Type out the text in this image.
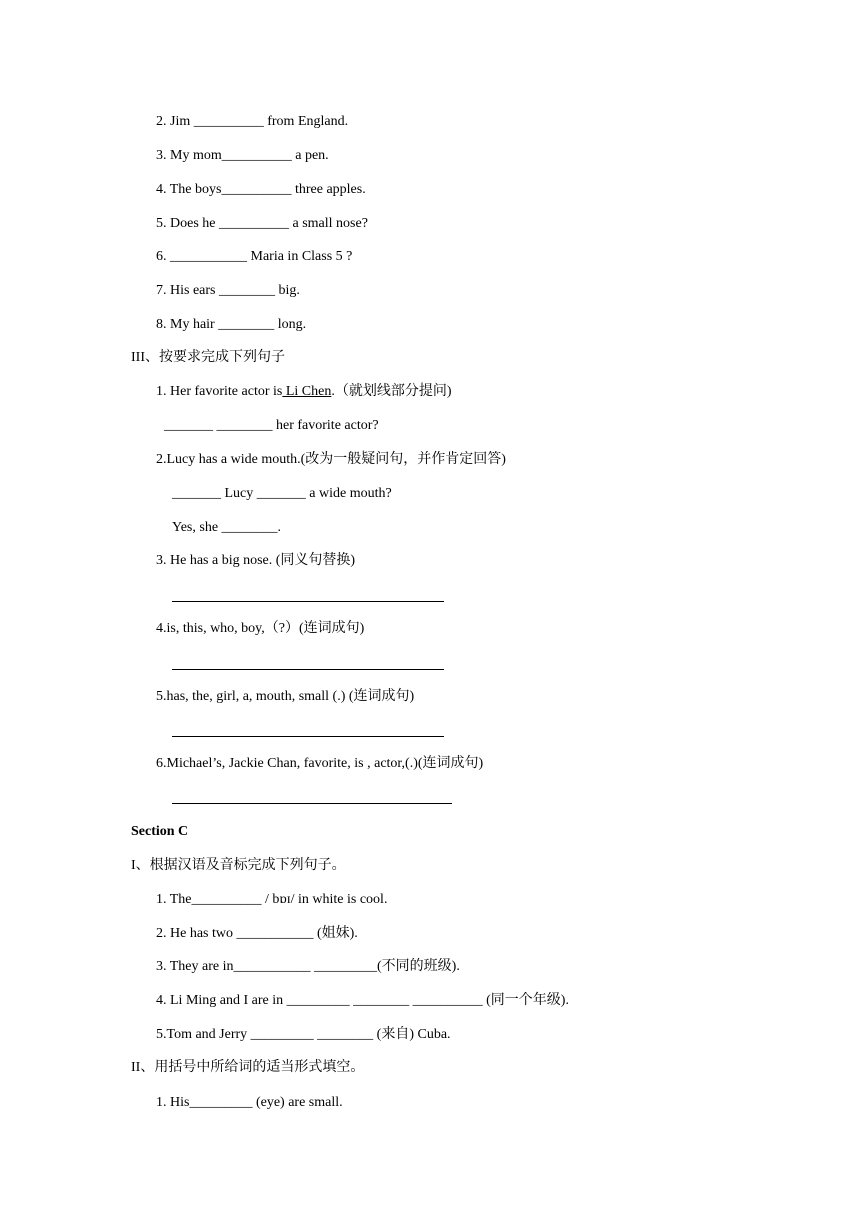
2. Jim __________ from England.
3. My mom__________ a pen.
4. The boys__________ three apples.
5. Does he __________ a small nose?
6. ___________ Maria in Class 5 ?
7. His ears ________ big.
8. My hair ________ long.
III、按要求完成下列句子
1. Her favorite actor is Li Chen.（就划线部分提问)
_______ ________ her favorite actor?
2.Lucy has a wide mouth.(改为一般疑问句，并作肯定回答)
_______ Lucy _______ a wide mouth?
Yes, she ________.
3. He has a big nose. (同义句替换)
4.is, this, who, boy,（?）(连词成句)
5.has, the, girl, a, mouth, small (.) (连词成句)
6.Michael’s, Jackie Chan, favorite, is , actor,(.)(连词成句)
Section C
I、根据汉语及音标完成下列句子。
1. The__________ / bɒɪ/ in white is cool.
2. He has two ___________ (姐妹).
3. They are in___________ _________(不同的班级).
4. Li Ming and I are in _________ ________ __________ (同一个年级).
5.Tom and Jerry _________ ________ (来自) Cuba.
II、用括号中所给词的适当形式填空。
1. His_________ (eye) are small.
